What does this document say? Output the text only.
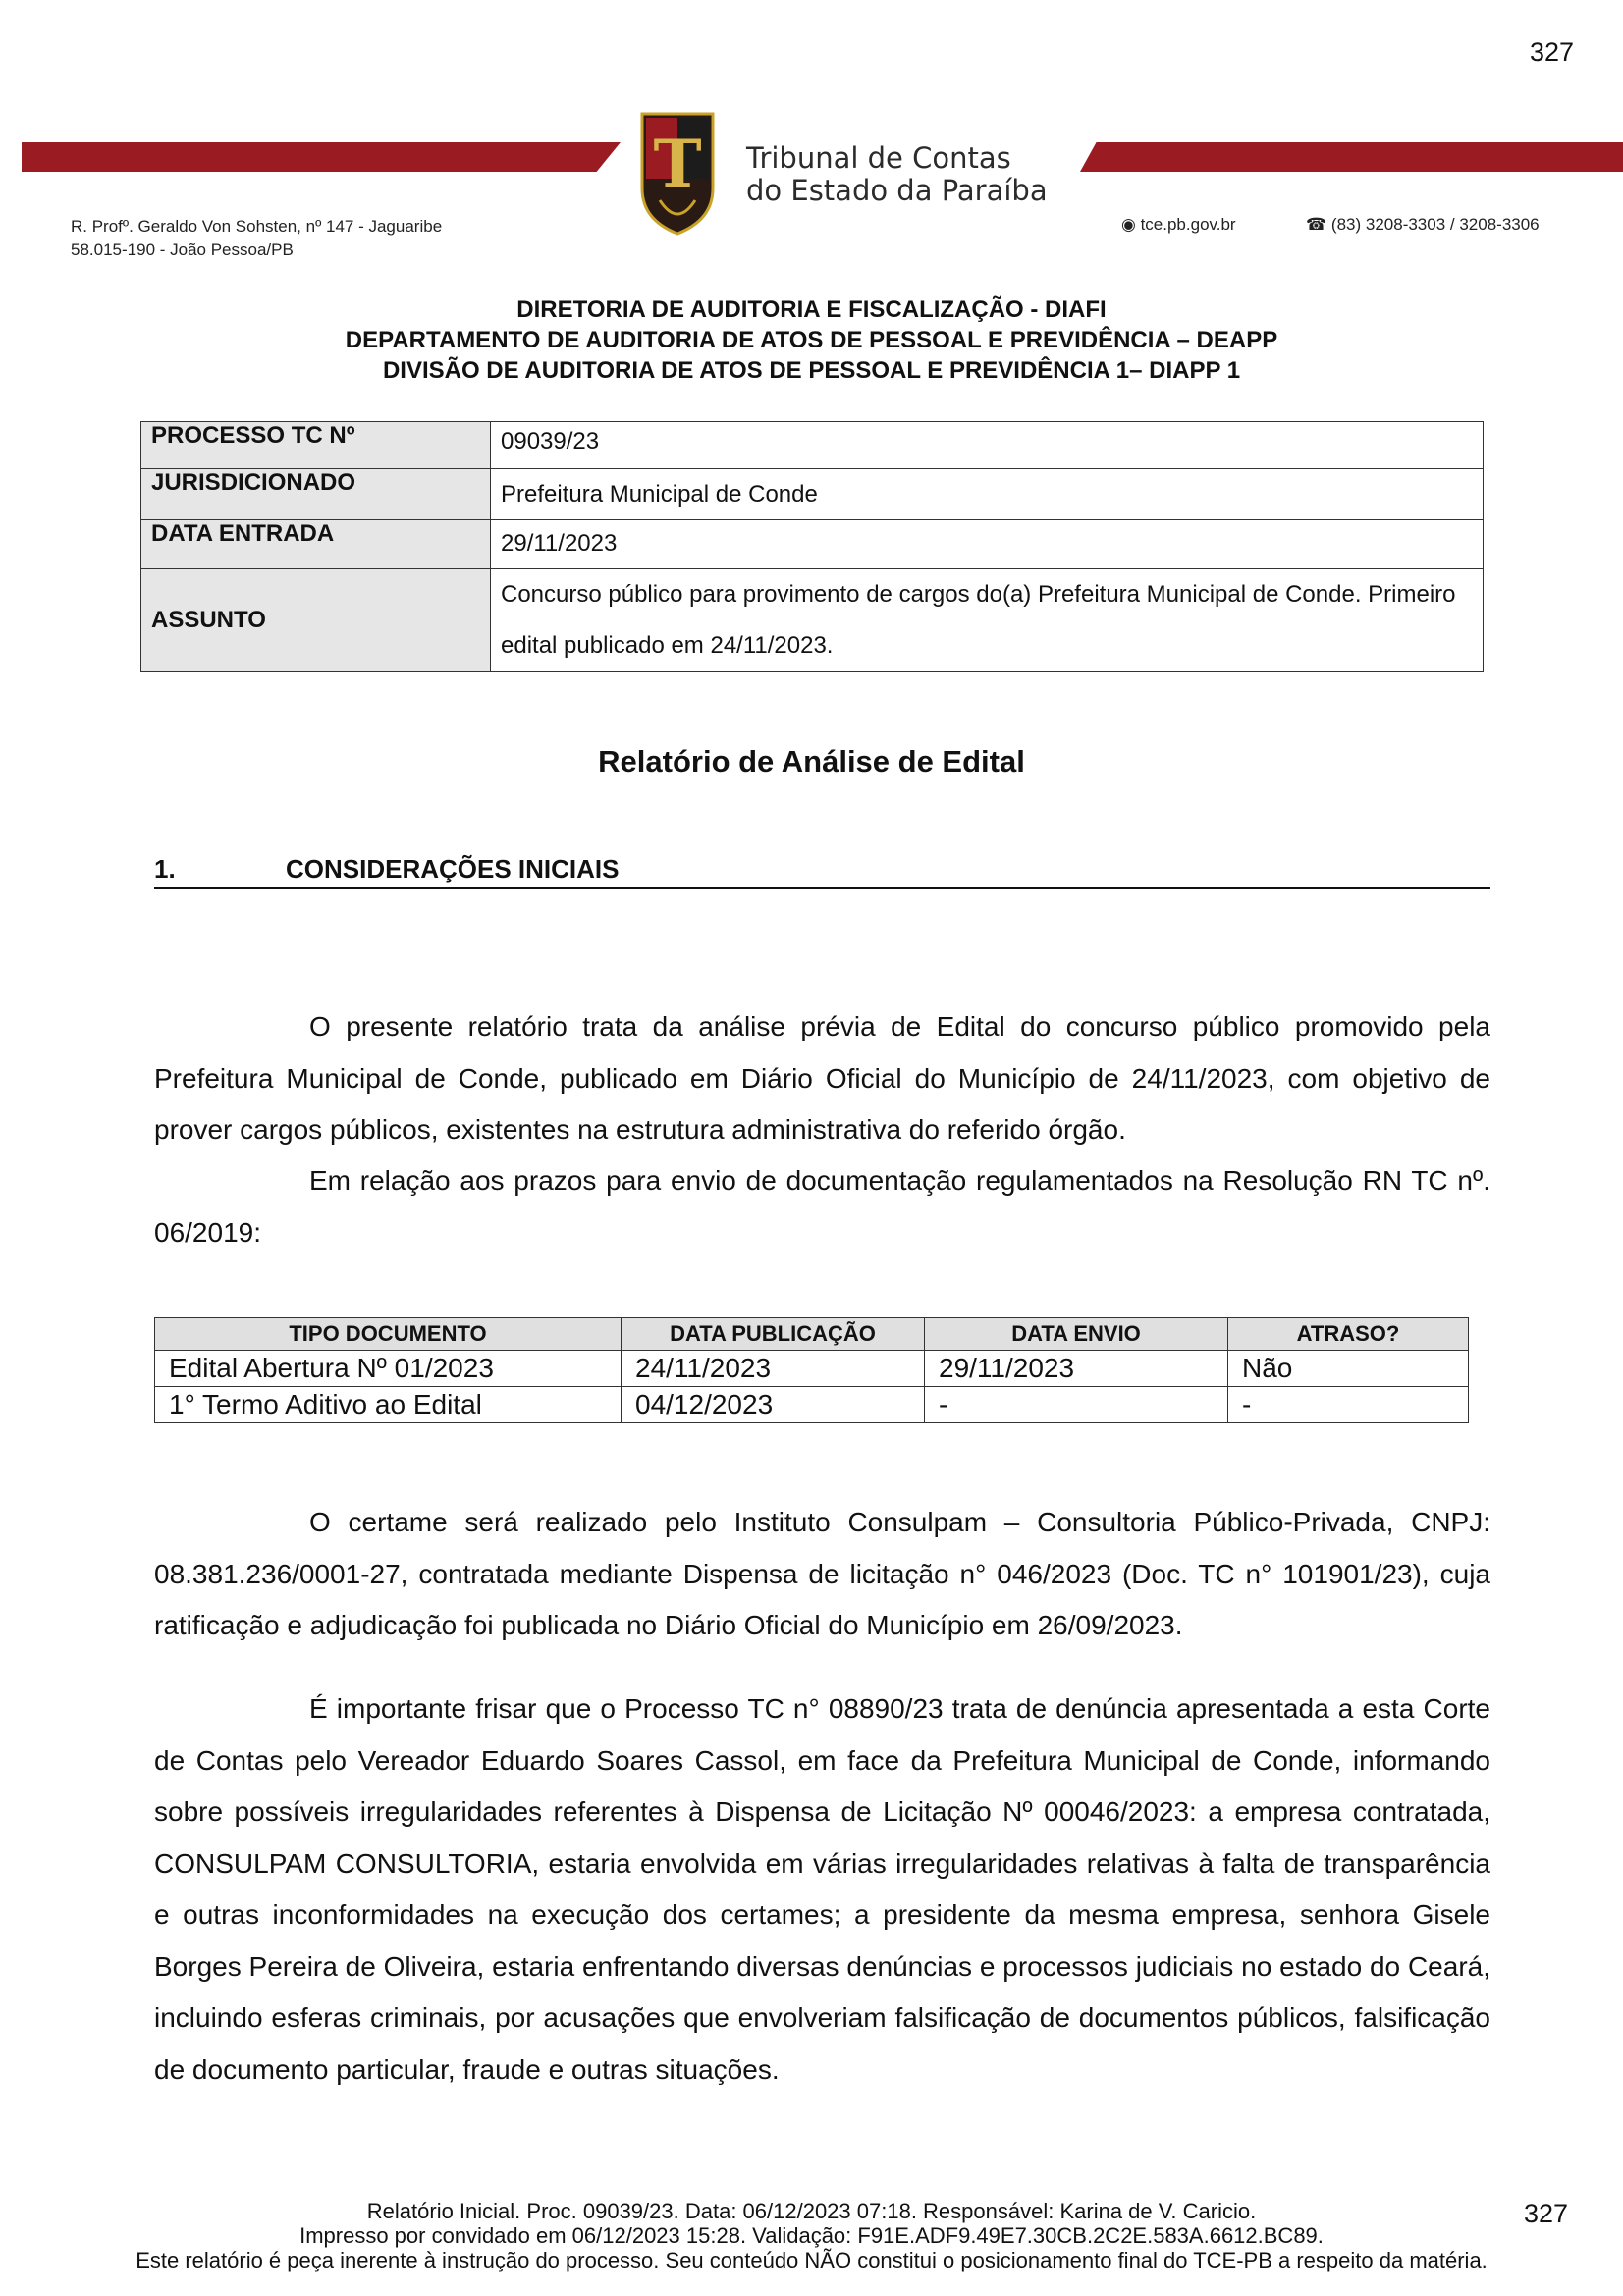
327
T Tribunal de Contas
do Estado da Paraíba
R. Profº. Geraldo Von Sohsten, nº 147 - Jaguaribe
58.015-190 - João Pessoa/PB
◉ tce.pb.gov.br	☎ (83) 3208-3303 / 3208-3306
DIRETORIA DE AUDITORIA E FISCALIZAÇÃO - DIAFI
DEPARTAMENTO DE AUDITORIA DE ATOS DE PESSOAL E PREVIDÊNCIA – DEAPP
DIVISÃO DE AUDITORIA DE ATOS DE PESSOAL E PREVIDÊNCIA 1– DIAPP 1
PROCESSO TC Nº	09039/23
JURISDICIONADO	Prefeitura Municipal de Conde
DATA ENTRADA	29/11/2023
ASSUNTO	Concurso público para provimento de cargos do(a) Prefeitura Municipal de Conde. Primeiro edital publicado em 24/11/2023.
Relatório de Análise de Edital
1.	CONSIDERAÇÕES INICIAIS
O presente relatório trata da análise prévia de Edital do concurso público promovido pela Prefeitura Municipal de Conde, publicado em Diário Oficial do Município de 24/11/2023, com objetivo de prover cargos públicos, existentes na estrutura administrativa do referido órgão.
Em relação aos prazos para envio de documentação regulamentados na Resolução RN TC nº. 06/2019:
TIPO DOCUMENTO	DATA PUBLICAÇÃO	DATA ENVIO	ATRASO?
Edital Abertura Nº 01/2023	24/11/2023	29/11/2023	Não
1° Termo Aditivo ao Edital	04/12/2023	-	-
O certame será realizado pelo Instituto Consulpam – Consultoria Público-Privada, CNPJ: 08.381.236/0001-27, contratada mediante Dispensa de licitação n° 046/2023 (Doc. TC n° 101901/23), cuja ratificação e adjudicação foi publicada no Diário Oficial do Município em 26/09/2023.
É importante frisar que o Processo TC n° 08890/23 trata de denúncia apresentada a esta Corte de Contas pelo Vereador Eduardo Soares Cassol, em face da Prefeitura Municipal de Conde, informando sobre possíveis irregularidades referentes à Dispensa de Licitação Nº 00046/2023: a empresa contratada, CONSULPAM CONSULTORIA, estaria envolvida em várias irregularidades relativas à falta de transparência e outras inconformidades na execução dos certames; a presidente da mesma empresa, senhora Gisele Borges Pereira de Oliveira, estaria enfrentando diversas denúncias e processos judiciais no estado do Ceará, incluindo esferas criminais, por acusações que envolveriam falsificação de documentos públicos, falsificação de documento particular, fraude e outras situações.
Relatório Inicial. Proc. 09039/23. Data: 06/12/2023 07:18. Responsável: Karina de V. Caricio.	327
Impresso por convidado em 06/12/2023 15:28. Validação: F91E.ADF9.49E7.30CB.2C2E.583A.6612.BC89.
Este relatório é peça inerente à instrução do processo. Seu conteúdo NÃO constitui o posicionamento final do TCE-PB a respeito da matéria.
